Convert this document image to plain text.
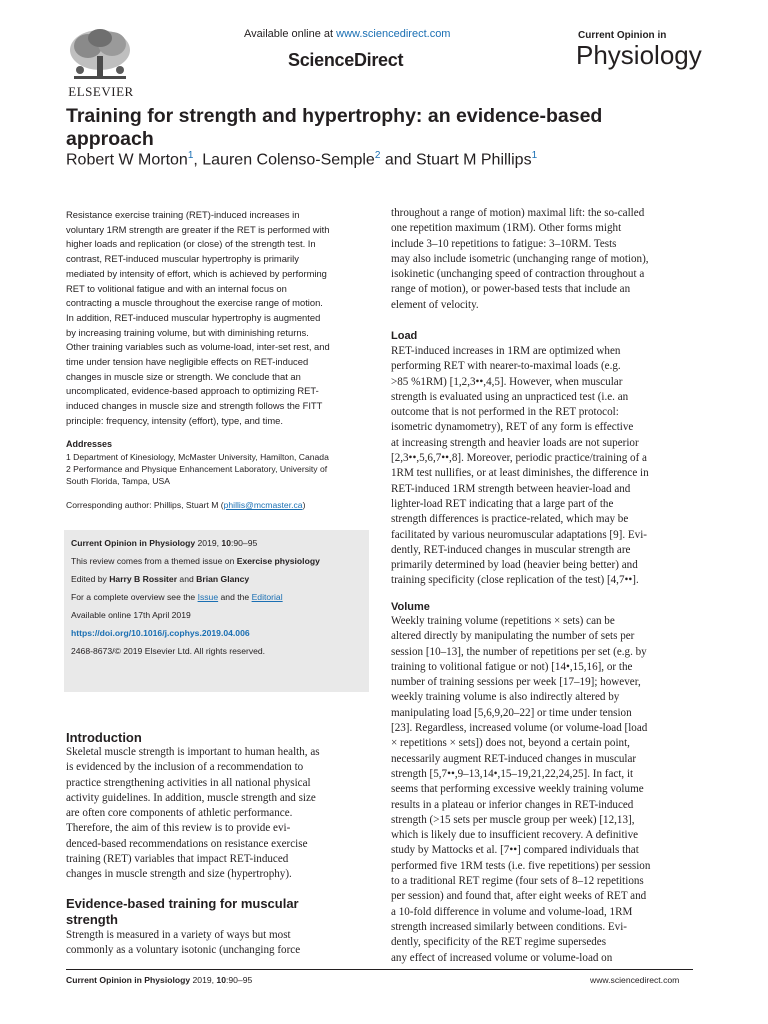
ELSEVIER
Available online at www.sciencedirect.com
ScienceDirect
Current Opinion in
Physiology
Training for strength and hypertrophy: an evidence-based approach
Robert W Morton$^1$, Lauren Colenso-Semple$^2$ and Stuart M Phillips$^1$
Resistance exercise training (RET)-induced increases in
voluntary 1RM strength are greater if the RET is performed with
higher loads and replication (or close) of the strength test. In
contrast, RET-induced muscular hypertrophy is primarily
mediated by intensity of effort, which is achieved by performing
RET to volitional fatigue and with an internal focus on
contracting a muscle throughout the exercise range of motion.
In addition, RET-induced muscular hypertrophy is augmented
by increasing training volume, but with diminishing returns.
Other training variables such as volume-load, inter-set rest, and
time under tension have negligible effects on RET-induced
changes in muscle size or strength. We conclude that an
uncomplicated, evidence-based approach to optimizing RET-
induced changes in muscle size and strength follows the FITT
principle: frequency, intensity (effort), type, and time.
Addresses
1 Department of Kinesiology, McMaster University, Hamilton, Canada
2 Performance and Physique Enhancement Laboratory, University of
South Florida, Tampa, USA
Corresponding author: Phillips, Stuart M (phillis@mcmaster.ca)
Current Opinion in Physiology 2019, 10:90–95
This review comes from a themed issue on Exercise physiology
Edited by Harry B Rossiter and Brian Glancy
For a complete overview see the Issue and the Editorial
Available online 17th April 2019
https://doi.org/10.1016/j.cophys.2019.04.006
2468-8673/© 2019 Elsevier Ltd. All rights reserved.
Introduction
Skeletal muscle strength is important to human health, as
is evidenced by the inclusion of a recommendation to
practice strengthening activities in all national physical
activity guidelines. In addition, muscle strength and size
are often core components of athletic performance.
Therefore, the aim of this review is to provide evi-
denced-based recommendations on resistance exercise
training (RET) variables that impact RET-induced
changes in muscle strength and size (hypertrophy).
Evidence-based training for muscular
strength
Strength is measured in a variety of ways but most
commonly as a voluntary isotonic (unchanging force
throughout a range of motion) maximal lift: the so-called
one repetition maximum (1RM). Other forms might
include 3–10 repetitions to fatigue: 3–10RM. Tests
may also include isometric (unchanging range of motion),
isokinetic (unchanging speed of contraction throughout a
range of motion), or power-based tests that include an
element of velocity.
Load
RET-induced increases in 1RM are optimized when
performing RET with nearer-to-maximal loads (e.g.
>85 %1RM) [1,2,3••,4,5]. However, when muscular
strength is evaluated using an unpracticed test (i.e. an
outcome that is not performed in the RET protocol:
isometric dynamometry), RET of any form is effective
at increasing strength and heavier loads are not superior
[2,3••,5,6,7••,8]. Moreover, periodic practice/training of a
1RM test nullifies, or at least diminishes, the difference in
RET-induced 1RM strength between heavier-load and
lighter-load RET indicating that a large part of the
strength differences is practice-related, which may be
facilitated by various neuromuscular adaptations [9]. Evi-
dently, RET-induced changes in muscular strength are
primarily determined by load (heavier being better) and
training specificity (close replication of the test) [4,7••].
Volume
Weekly training volume (repetitions × sets) can be
altered directly by manipulating the number of sets per
session [10–13], the number of repetitions per set (e.g. by
training to volitional fatigue or not) [14•,15,16], or the
number of training sessions per week [17–19]; however,
weekly training volume is also indirectly altered by
manipulating load [5,6,9,20–22] or time under tension
[23]. Regardless, increased volume (or volume-load [load
× repetitions × sets]) does not, beyond a certain point,
necessarily augment RET-induced changes in muscular
strength [5,7••,9–13,14•,15–19,21,22,24,25]. In fact, it
seems that performing excessive weekly training volume
results in a plateau or inferior changes in RET-induced
strength (>15 sets per muscle group per week) [12,13],
which is likely due to insufficient recovery. A definitive
study by Mattocks et al. [7••] compared individuals that
performed five 1RM tests (i.e. five repetitions) per session
to a traditional RET regime (four sets of 8–12 repetitions
per session) and found that, after eight weeks of RET and
a 10-fold difference in volume and volume-load, 1RM
strength increased similarly between conditions. Evi-
dently, specificity of the RET regime supersedes
any effect of increased volume or volume-load on
Current Opinion in Physiology 2019, 10:90–95	www.sciencedirect.com
